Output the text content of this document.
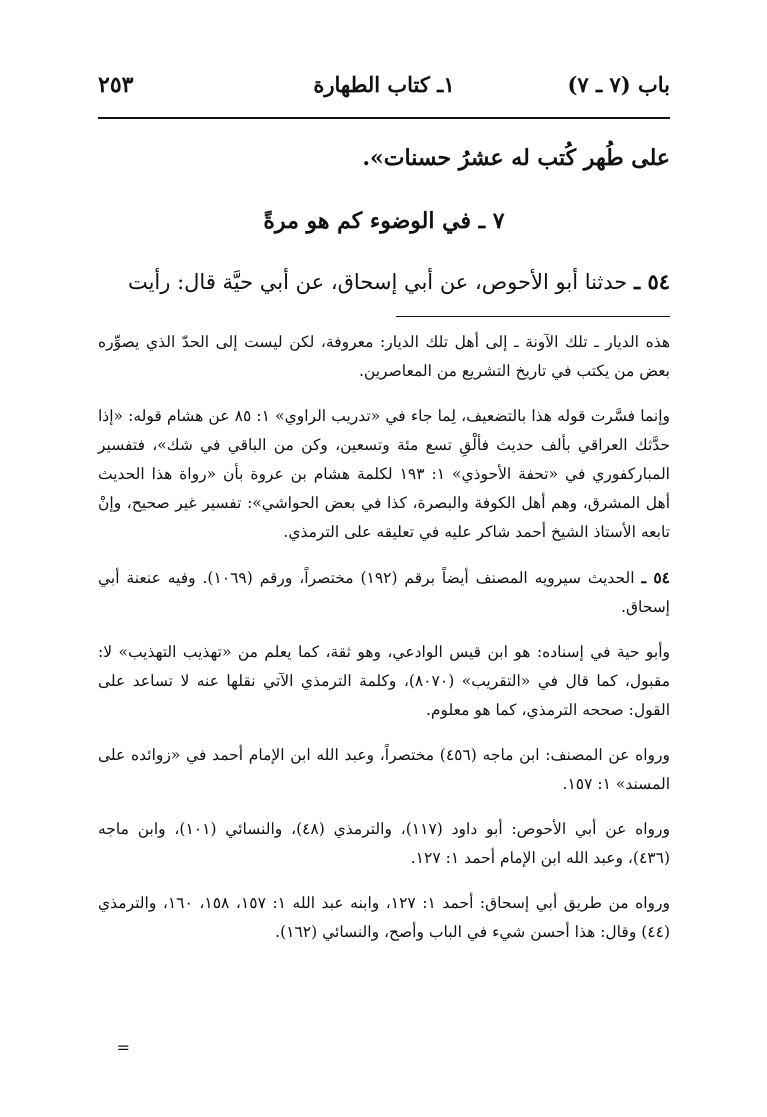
باب (٧ ـ ٧)
١ـ كتاب الطهارة
٢٥٣
على طُهر كُتب له عشرُ حسنات».
٧ ـ في الوضوء كم هو مرةً
٥٤ ـ حدثنا أبو الأحوص، عن أبي إسحاق، عن أبي حيَّة قال: رأيت

هذه الديار ـ تلك الآونة ـ إلى أهل تلك الديار: معروفة، لكن ليست إلى الحدّ الذي يصوِّره بعض من يكتب في تاريخ التشريع من المعاصرين.

وإنما فسَّرت قوله هذا بالتضعيف، لِما جاء في «تدريب الراوي» ١: ٨٥ عن هشام قوله: «إذا حدَّثك العراقي بألف حديث فألْقِ تسع مئة وتسعين، وكن من الباقي في شك»، فتفسير المباركفوري في «تحفة الأحوذي» ١: ١٩٣ لكلمة هشام بن عروة بأن «رواة هذا الحديث أهل المشرق، وهم أهل الكوفة والبصرة، كذا في بعض الحواشي»: تفسير غير صحيح، وإنْ تابعه الأستاذ الشيخ أحمد شاكر عليه في تعليقه على الترمذي.

٥٤ ـ الحديث سيرويه المصنف أيضاً برقم (١٩٢) مختصراً، ورقم (١٠٦٩). وفيه عنعنة أبي إسحاق.

وأبو حية في إسناده: هو ابن قيس الوادعي، وهو ثقة، كما يعلم من «تهذيب التهذيب» لا: مقبول، كما قال في «التقريب» (٨٠٧٠)، وكلمة الترمذي الآتي نقلها عنه لا تساعد على القول: صححه الترمذي، كما هو معلوم.

ورواه عن المصنف: ابن ماجه (٤٥٦) مختصراً، وعبد الله ابن الإمام أحمد في «زوائده على المسند» ١: ١٥٧.

ورواه عن أبي الأحوص: أبو داود (١١٧)، والترمذي (٤٨)، والنسائي (١٠١)، وابن ماجه (٤٣٦)، وعبد الله ابن الإمام أحمد ١: ١٢٧.

ورواه من طريق أبي إسحاق: أحمد ١: ١٢٧، وابنه عبد الله ١: ١٥٧، ١٥٨، ١٦٠، والترمذي (٤٤) وقال: هذا أحسن شيء في الباب وأصح، والنسائي (١٦٢).

=
